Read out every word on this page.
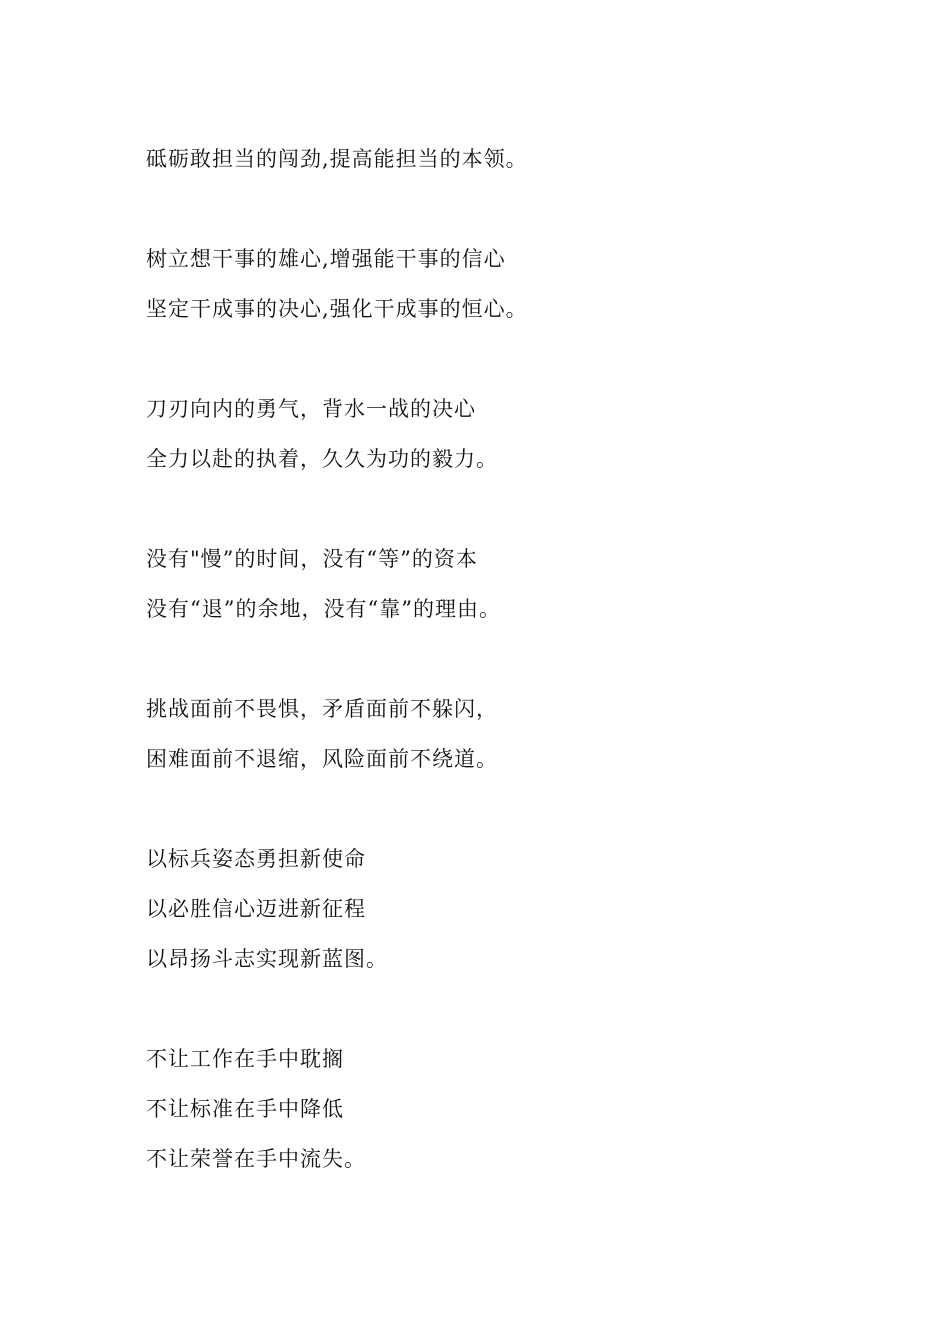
砥砺敢担当的闯劲,提高能担当的本领。
树立想干事的雄心,增强能干事的信心
坚定干成事的决心,强化干成事的恒心。
刀刃向内的勇气，背水一战的决心
全力以赴的执着，久久为功的毅力。
没有"慢”的时间，没有“等”的资本
没有“退”的余地，没有“靠”的理由。
挑战面前不畏惧，矛盾面前不躲闪，
困难面前不退缩，风险面前不绕道。
以标兵姿态勇担新使命
以必胜信心迈进新征程
以昂扬斗志实现新蓝图。
不让工作在手中耽搁
不让标准在手中降低
不让荣誉在手中流失。
